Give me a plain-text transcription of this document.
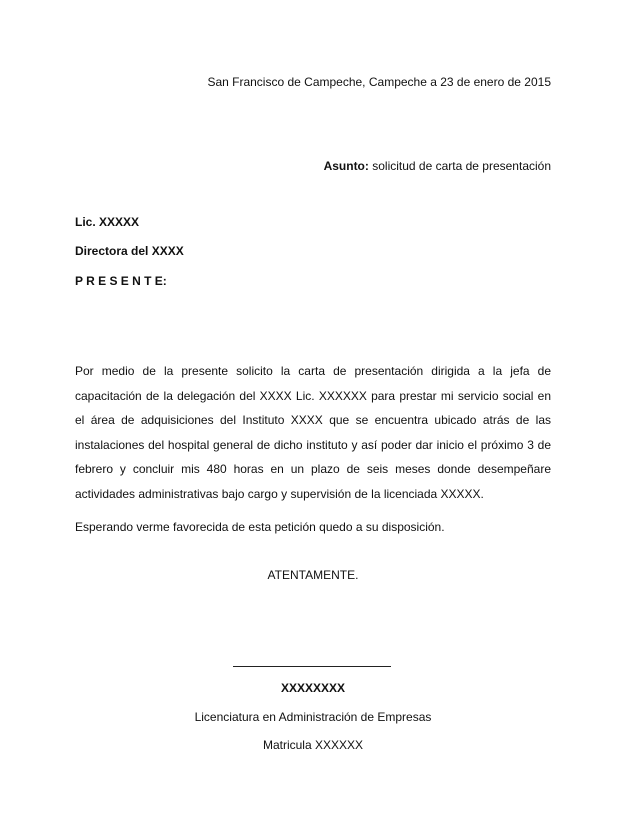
San Francisco de Campeche, Campeche a 23 de enero de 2015
Asunto: solicitud de carta de presentación
Lic. XXXXX
Directora del XXXX
P R E S E N T E:

Por medio de la presente solicito la carta de presentación dirigida a la jefa de capacitación de la delegación del XXXX Lic. XXXXXX para prestar mi servicio social en el área de adquisiciones del Instituto XXXX que se encuentra ubicado atrás de las instalaciones del hospital general de dicho instituto y así poder dar inicio el próximo 3 de febrero y concluir mis 480 horas en un plazo de seis meses donde desempeñare actividades administrativas bajo cargo y supervisión de la licenciada XXXXX.

Esperando verme favorecida de esta petición quedo a su disposición.

ATENTAMENTE.
XXXXXXXX
Licenciatura en Administración de Empresas
Matricula XXXXXX
